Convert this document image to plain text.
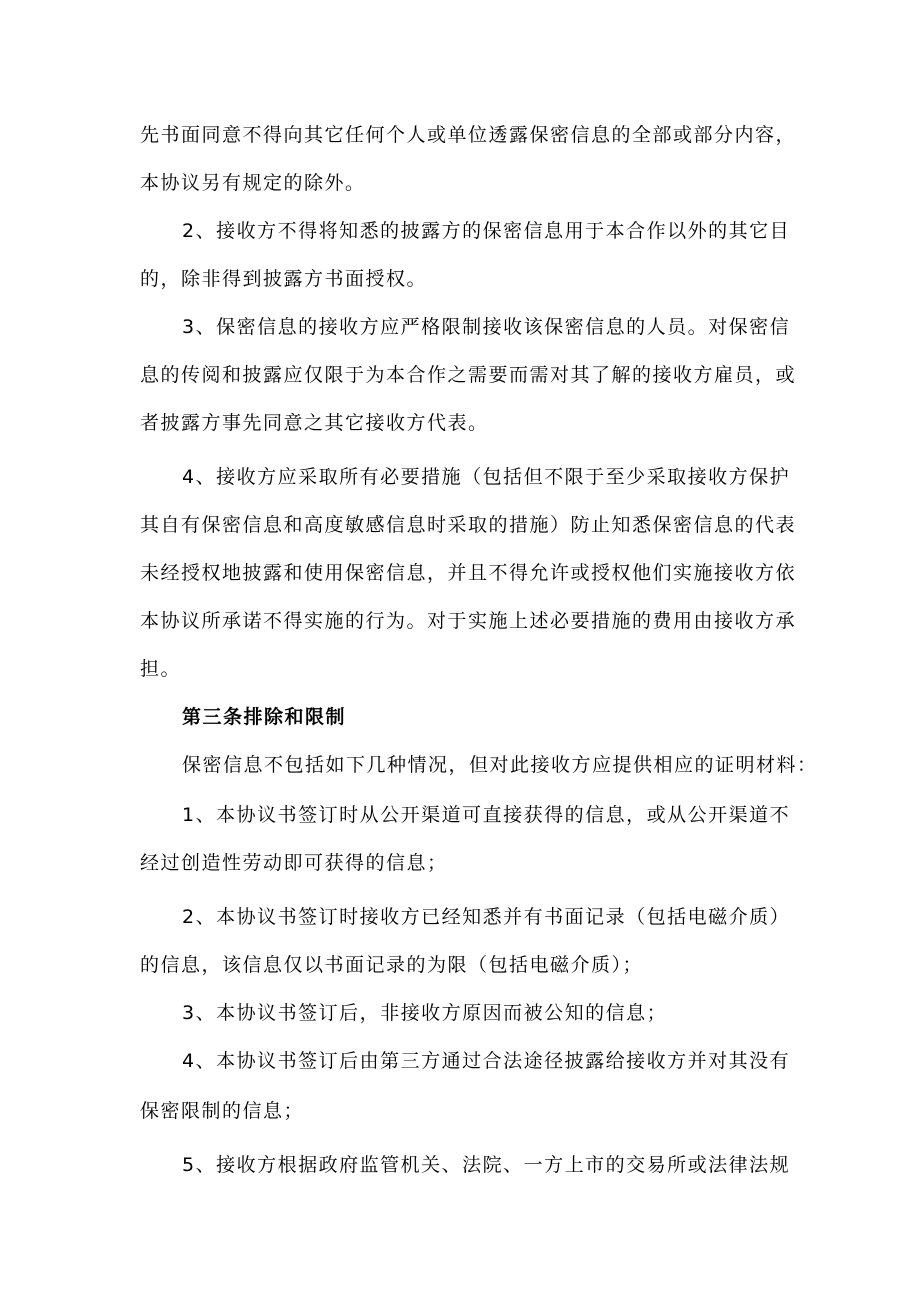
先书面同意不得向其它任何个人或单位透露保密信息的全部或部分内容，
本协议另有规定的除外。
2、接收方不得将知悉的披露方的保密信息用于本合作以外的其它目
的，除非得到披露方书面授权。
3、保密信息的接收方应严格限制接收该保密信息的人员。对保密信
息的传阅和披露应仅限于为本合作之需要而需对其了解的接收方雇员，或
者披露方事先同意之其它接收方代表。
4、接收方应采取所有必要措施（包括但不限于至少采取接收方保护
其自有保密信息和高度敏感信息时采取的措施）防止知悉保密信息的代表
未经授权地披露和使用保密信息，并且不得允许或授权他们实施接收方依
本协议所承诺不得实施的行为。对于实施上述必要措施的费用由接收方承
担。
第三条排除和限制
保密信息不包括如下几种情况，但对此接收方应提供相应的证明材料：
1、本协议书签订时从公开渠道可直接获得的信息，或从公开渠道不
经过创造性劳动即可获得的信息；
2、本协议书签订时接收方已经知悉并有书面记录（包括电磁介质）
的信息，该信息仅以书面记录的为限（包括电磁介质）；
3、本协议书签订后，非接收方原因而被公知的信息；
4、本协议书签订后由第三方通过合法途径披露给接收方并对其没有
保密限制的信息；
5、接收方根据政府监管机关、法院、一方上市的交易所或法律法规
